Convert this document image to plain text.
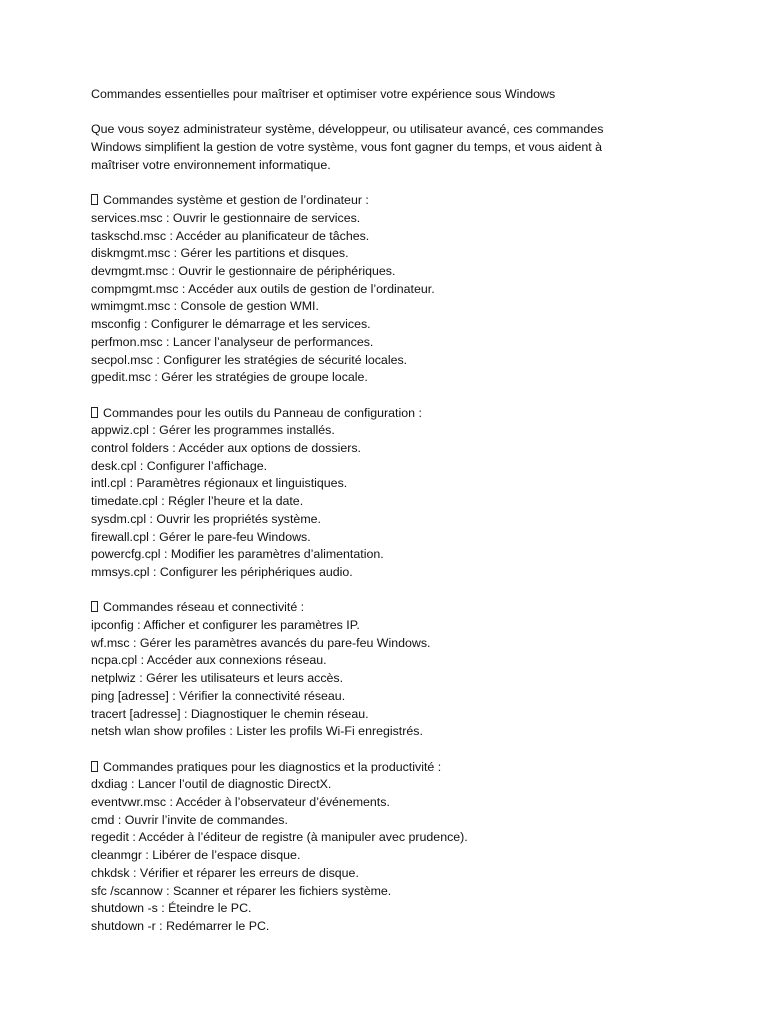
Commandes essentielles pour maîtriser et optimiser votre expérience sous Windows
Que vous soyez administrateur système, développeur, ou utilisateur avancé, ces commandes
Windows simplifient la gestion de votre système, vous font gagner du temps, et vous aident à
maîtriser votre environnement informatique.
Commandes système et gestion de l’ordinateur :
services.msc : Ouvrir le gestionnaire de services.
taskschd.msc : Accéder au planificateur de tâches.
diskmgmt.msc : Gérer les partitions et disques.
devmgmt.msc : Ouvrir le gestionnaire de périphériques.
compmgmt.msc : Accéder aux outils de gestion de l’ordinateur.
wmimgmt.msc : Console de gestion WMI.
msconfig : Configurer le démarrage et les services.
perfmon.msc : Lancer l’analyseur de performances.
secpol.msc : Configurer les stratégies de sécurité locales.
gpedit.msc : Gérer les stratégies de groupe locale.
Commandes pour les outils du Panneau de configuration :
appwiz.cpl : Gérer les programmes installés.
control folders : Accéder aux options de dossiers.
desk.cpl : Configurer l’affichage.
intl.cpl : Paramètres régionaux et linguistiques.
timedate.cpl : Régler l’heure et la date.
sysdm.cpl : Ouvrir les propriétés système.
firewall.cpl : Gérer le pare-feu Windows.
powercfg.cpl : Modifier les paramètres d’alimentation.
mmsys.cpl : Configurer les périphériques audio.
Commandes réseau et connectivité :
ipconfig : Afficher et configurer les paramètres IP.
wf.msc : Gérer les paramètres avancés du pare-feu Windows.
ncpa.cpl : Accéder aux connexions réseau.
netplwiz : Gérer les utilisateurs et leurs accès.
ping [adresse] : Vérifier la connectivité réseau.
tracert [adresse] : Diagnostiquer le chemin réseau.
netsh wlan show profiles : Lister les profils Wi-Fi enregistrés.
Commandes pratiques pour les diagnostics et la productivité :
dxdiag : Lancer l’outil de diagnostic DirectX.
eventvwr.msc : Accéder à l’observateur d’événements.
cmd : Ouvrir l’invite de commandes.
regedit : Accéder à l’éditeur de registre (à manipuler avec prudence).
cleanmgr : Libérer de l’espace disque.
chkdsk : Vérifier et réparer les erreurs de disque.
sfc /scannow : Scanner et réparer les fichiers système.
shutdown -s : Éteindre le PC.
shutdown -r : Redémarrer le PC.
